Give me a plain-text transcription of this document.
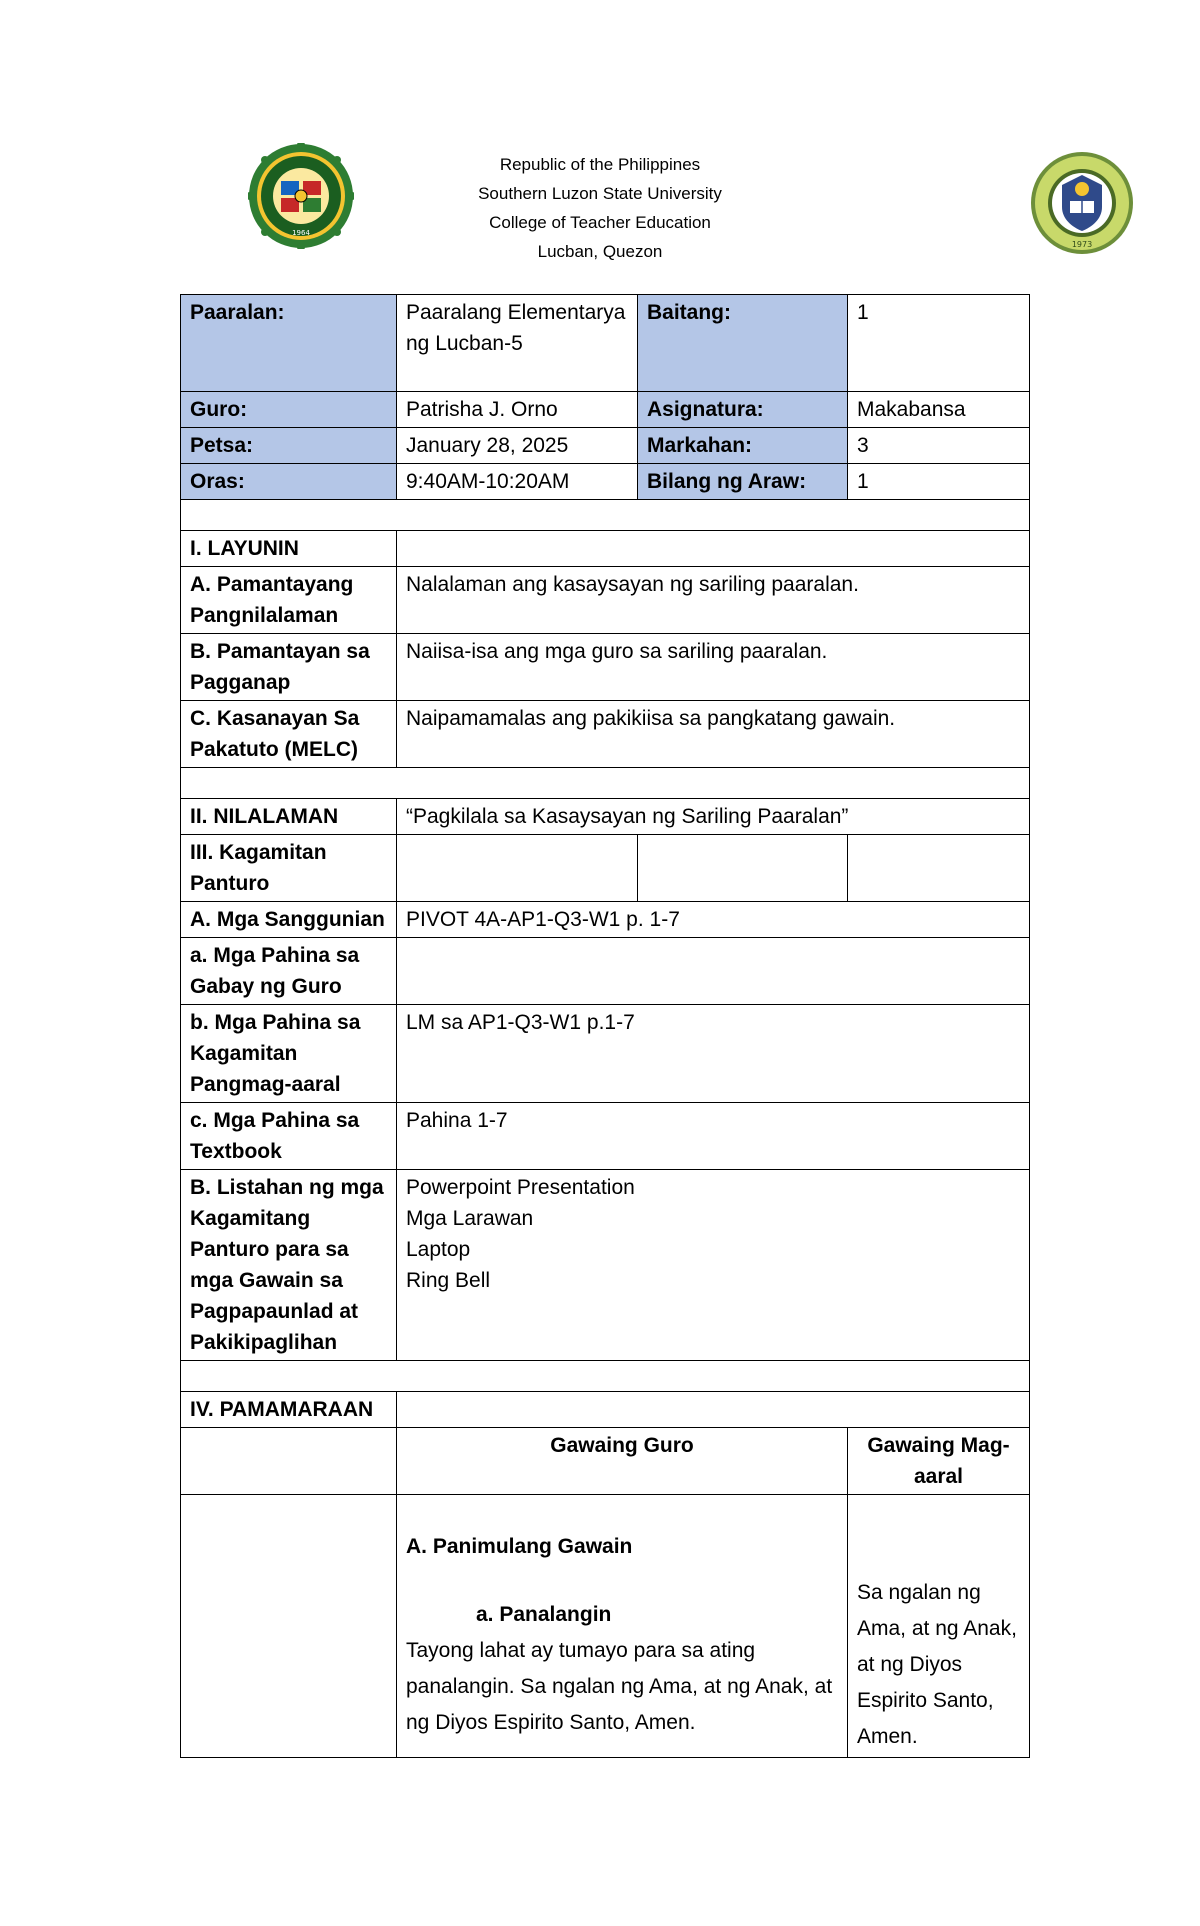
1964
1973
Republic of the Philippines
Southern Luzon State University
College of Teacher Education
Lucban, Quezon
Paaralan:	Paaralang Elementarya ng Lucban-5	Baitang:	1
Guro:	Patrisha J. Orno	Asignatura:	Makabansa
Petsa:	January 28, 2025	Markahan:	3
Oras:	9:40AM-10:20AM	Bilang ng Araw:	1

I. LAYUNIN			
A. Pamantayang Pangnilalaman	Nalalaman ang kasaysayan ng sariling paaralan.		
B. Pamantayan sa Pagganap	Naiisa-isa ang mga guro sa sariling paaralan.		
C. Kasanayan Sa Pakatuto (MELC)	Naipamamalas ang pakikiisa sa pangkatang gawain.		

II. NILALAMAN	“Pagkilala sa Kasaysayan ng Sariling Paaralan”		
III. Kagamitan Panturo			
A. Mga Sanggunian	PIVOT 4A-AP1-Q3-W1 p. 1-7		
a. Mga Pahina sa Gabay ng Guro			
b. Mga Pahina sa Kagamitan Pangmag-aaral	LM sa AP1-Q3-W1 p.1-7		
c. Mga Pahina sa Textbook	Pahina 1-7		
B. Listahan ng mga Kagamitang Panturo para sa mga Gawain sa Pagpapaunlad at Pakikipaglihan	Powerpoint Presentation
Mga Larawan
Laptop
Ring Bell		

IV. PAMAMARAAN			
	Gawaing Guro		Gawaing Mag-aaral

	A. Panimulang Gawain
a. Panalangin
Tayong lahat ay tumayo para sa ating panalangin. Sa ngalan ng Ama, at ng Anak, at ng Diyos Espirito Santo, Amen.		Sa ngalan ng Ama, at ng Anak, at ng Diyos Espirito Santo, Amen.
